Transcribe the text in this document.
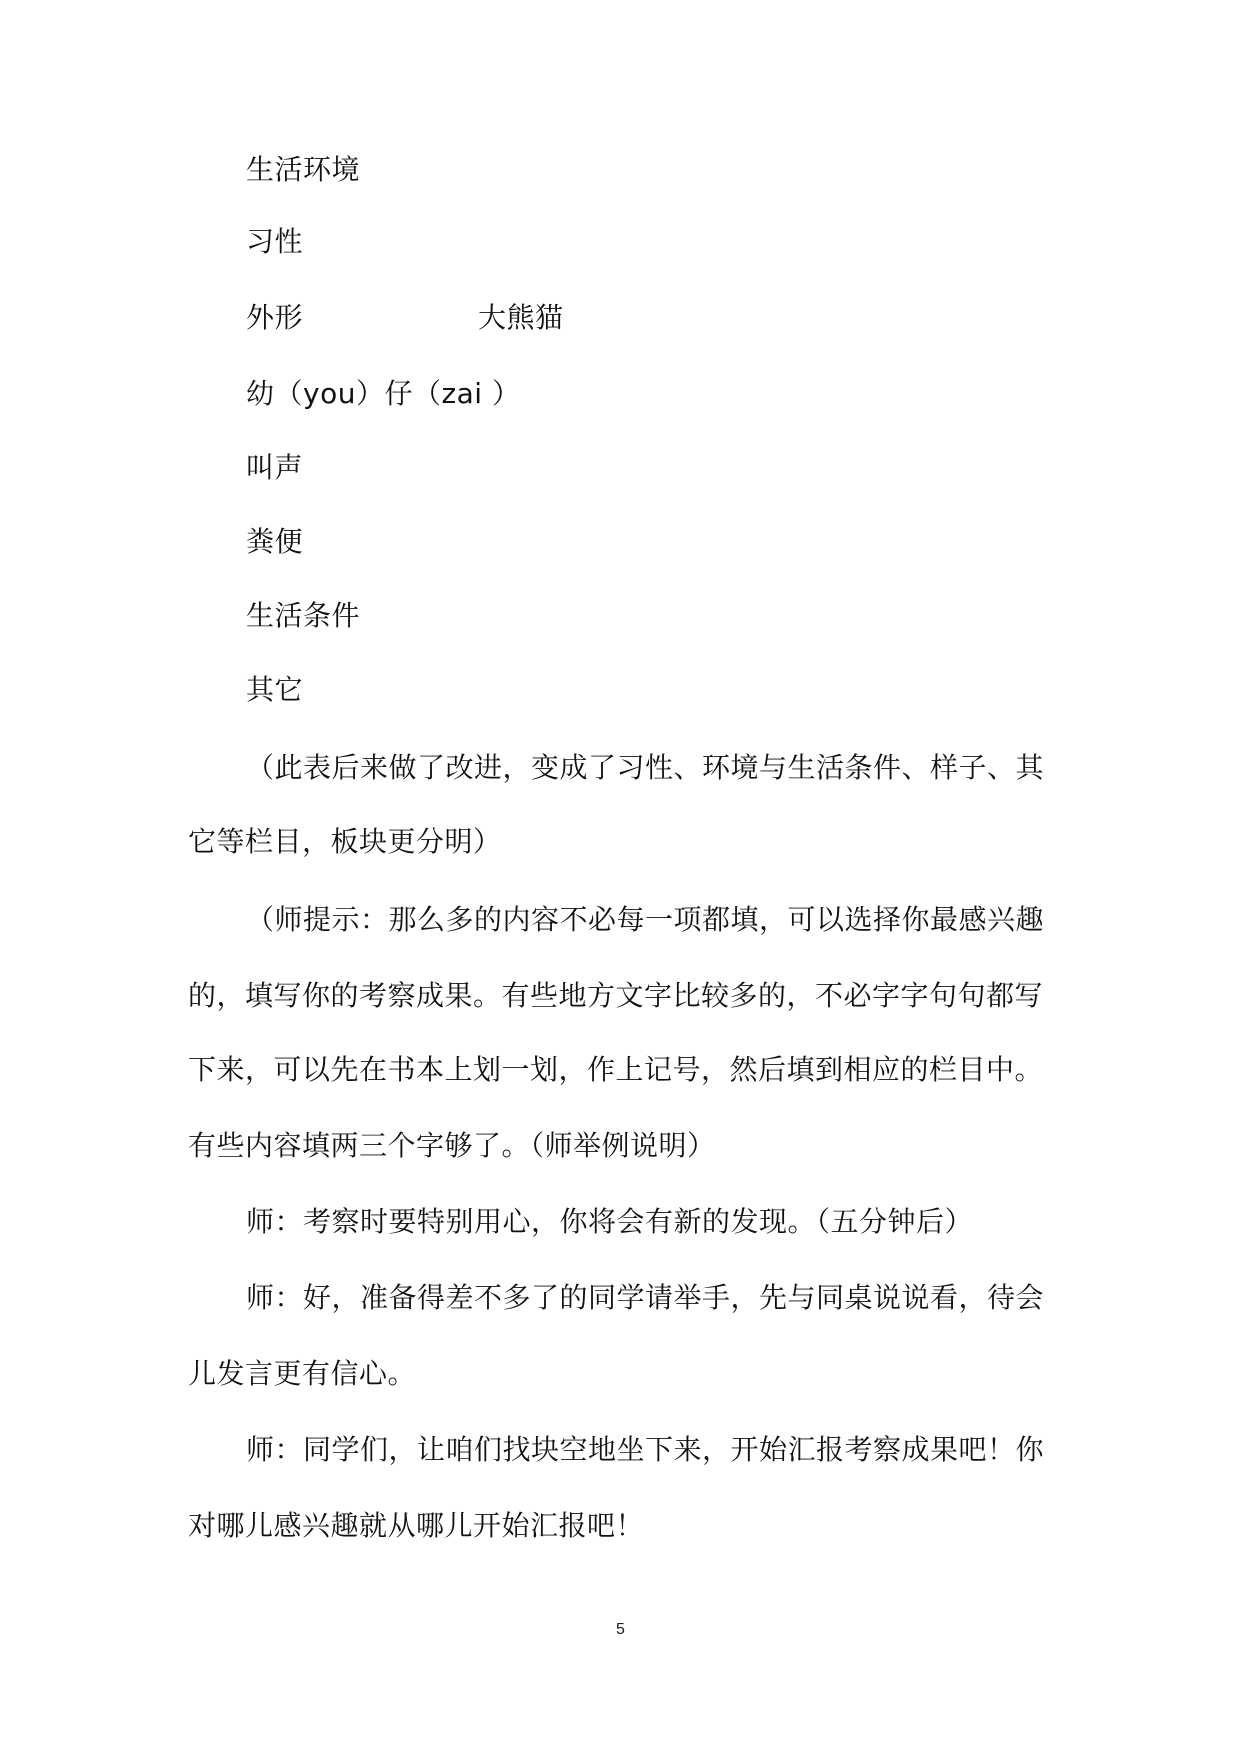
生活环境
习性
外形	大熊猫
幼（you）仔（zai ）
叫声
粪便
生活条件
其它
（此表后来做了改进，变成了习性、环境与生活条件、样子、其
它等栏目，板块更分明）
（师提示：那么多的内容不必每一项都填，可以选择你最感兴趣
的，填写你的考察成果。有些地方文字比较多的，不必字字句句都写
下来，可以先在书本上划一划，作上记号，然后填到相应的栏目中。
有些内容填两三个字够了。（师举例说明）
师：考察时要特别用心，你将会有新的发现。（五分钟后）
师：好，准备得差不多了的同学请举手，先与同桌说说看，待会
儿发言更有信心。
师：同学们，让咱们找块空地坐下来，开始汇报考察成果吧！你
对哪儿感兴趣就从哪儿开始汇报吧！
5
